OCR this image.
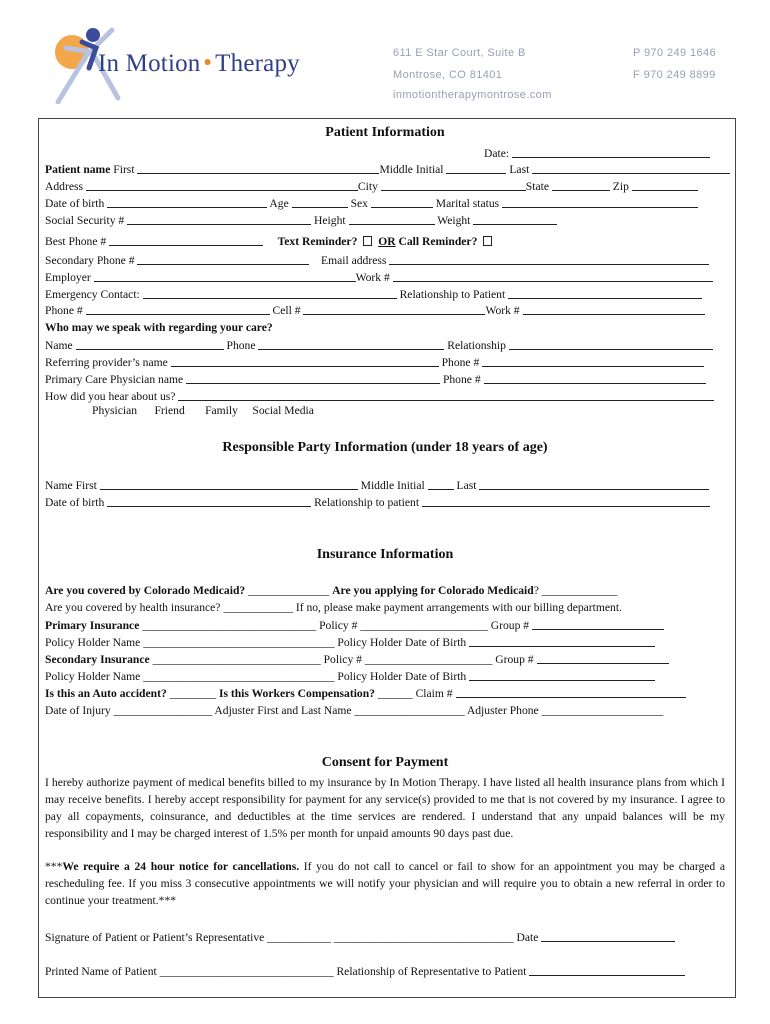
In Motion ● Therapy	611 E Star Court, Suite B
Montrose, CO 81401
inmotiontherapymontrose.com
P 970 249 1646
F 970 249 8899
Patient Information
Date:
Patient name First	Middle Initial	Last
Address	City	State	Zip
Date of birth	Age	Sex	Marital status
Social Security #	Height	Weight
Best Phone #	Text Reminder? OR Call Reminder?
Secondary Phone #	Email address
Employer	Work #
Emergency Contact:	Relationship to Patient
Phone #	Cell #	Work #
Who may we speak with regarding your care?
Name	Phone	Relationship
Referring provider’s name	Phone #
Primary Care Physician name	Phone #
How did you hear about us?
Physician Friend Family Social Media
Responsible Party Information (under 18 years of age)
Name First	Middle Initial	Last
Date of birth	Relationship to patient
Insurance Information
Are you covered by Colorado Medicaid? ______________ Are you applying for Colorado Medicaid? _____________
Are you covered by health insurance? ____________ If no, please make payment arrangements with our billing department.
Primary Insurance ______________________________ Policy # ______________________ Group #
Policy Holder Name _________________________________ Policy Holder Date of Birth
Secondary Insurance _____________________________ Policy # ______________________ Group #
Policy Holder Name _________________________________ Policy Holder Date of Birth
Is this an Auto accident? ________ Is this Workers Compensation? ______ Claim #
Date of Injury _________________ Adjuster First and Last Name ___________________ Adjuster Phone _____________________
Consent for Payment
I hereby authorize payment of medical benefits billed to my insurance by In Motion Therapy. I have listed all health insurance plans from which I may receive benefits. I hereby accept responsibility for payment for any service(s) provided to me that is not covered by my insurance. I agree to pay all copayments, coinsurance, and deductibles at the time services are rendered. I understand that any unpaid balances will be my responsibility and I may be charged interest of 1.5% per month for unpaid amounts 90 days past due.
***We require a 24 hour notice for cancellations. If you do not call to cancel or fail to show for an appointment you may be charged a rescheduling fee. If you miss 3 consecutive appointments we will notify your physician and will require you to obtain a new referral in order to continue your treatment.***
Signature of Patient or Patient’s Representative ___________ _______________________________ Date
Printed Name of Patient ______________________________ Relationship of Representative to Patient
